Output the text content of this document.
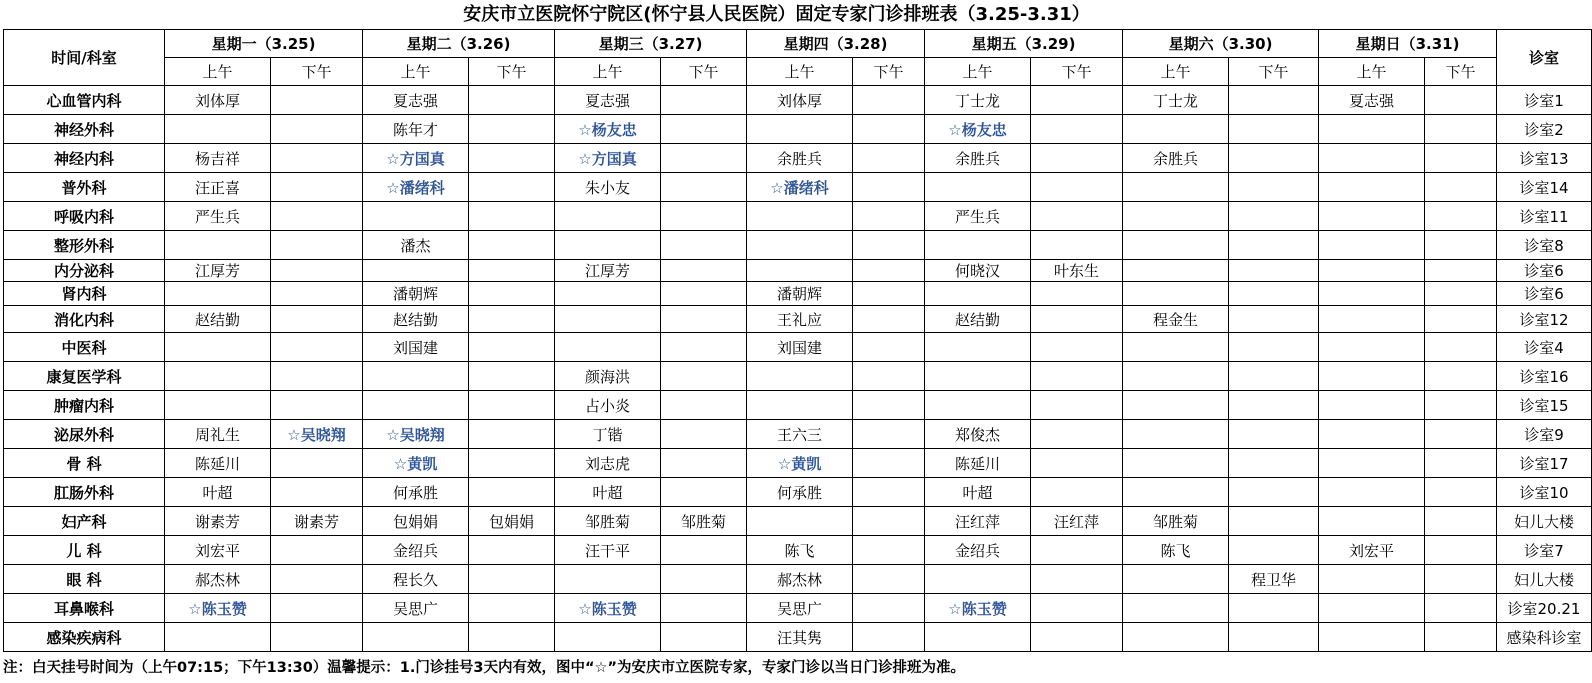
安庆市立医院怀宁院区(怀宁县人民医院）固定专家门诊排班表（3.25-3.31）
时间/科室	星期一（3.25)		星期二（3.26)		星期三（3.27)		星期四（3.28)		星期五（3.29)		星期六（3.30)		星期日（3.31)		诊室
	上午	下午	上午	下午	上午	下午	上午	下午	上午	下午	上午	下午	上午	下午	
心血管内科	刘体厚		夏志强		夏志强		刘体厚		丁士龙		丁士龙		夏志强		诊室1
神经外科			陈年才		☆杨友忠				☆杨友忠						诊室2
神经内科	杨吉祥		☆方国真		☆方国真		余胜兵		余胜兵		余胜兵				诊室13
普外科	汪正喜		☆潘绪科		朱小友		☆潘绪科								诊室14
呼吸内科	严生兵								严生兵						诊室11
整形外科			潘杰												诊室8
内分泌科	江厚芳				江厚芳				何晓汉	叶东生					诊室6
肾内科			潘朝辉				潘朝辉								诊室6
消化内科	赵结勤		赵结勤				王礼应		赵结勤		程金生				诊室12
中医科			刘国建				刘国建								诊室4
康复医学科					颜海洪										诊室16
肿瘤内科					占小炎										诊室15
泌尿外科	周礼生	☆吴晓翔	☆吴晓翔		丁锴		王六三		郑俊杰						诊室9
骨 科	陈延川		☆黄凯		刘志虎		☆黄凯		陈延川						诊室17
肛肠外科	叶超		何承胜		叶超		何承胜		叶超						诊室10
妇产科	谢素芳	谢素芳	包娟娟	包娟娟	邹胜菊	邹胜菊			汪红萍	汪红萍	邹胜菊				妇儿大楼
儿 科	刘宏平		金绍兵		汪干平		陈飞		金绍兵		陈飞		刘宏平		诊室7
眼 科	郝杰林		程长久				郝杰林					程卫华			妇儿大楼
耳鼻喉科	☆陈玉赞		吴思广		☆陈玉赞		吴思广		☆陈玉赞						诊室20.21
感染疾病科							汪其隽								感染科诊室
注：白天挂号时间为（上午07:15；下午13:30）温馨提示：1.门诊挂号3天内有效，图中“☆”为安庆市立医院专家，专家门诊以当日门诊排班为准。
